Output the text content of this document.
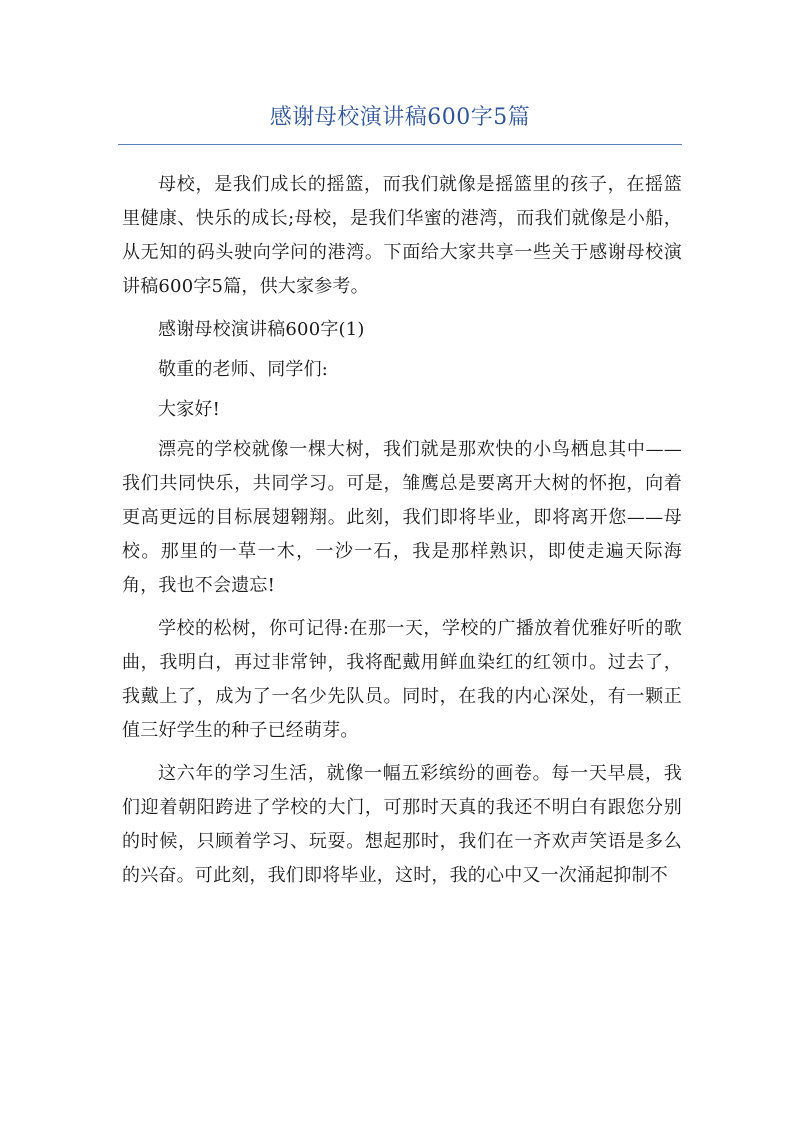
感谢母校演讲稿600字5篇

母校，是我们成长的摇篮，而我们就像是摇篮里的孩子，在摇篮里健康、快乐的成长;母校，是我们华蜜的港湾，而我们就像是小船，从无知的码头驶向学问的港湾。下面给大家共享一些关于感谢母校演讲稿600字5篇，供大家参考。

感谢母校演讲稿600字(1)

敬重的老师、同学们:

大家好!

漂亮的学校就像一棵大树，我们就是那欢快的小鸟栖息其中——我们共同快乐，共同学习。可是，雏鹰总是要离开大树的怀抱，向着更高更远的目标展翅翱翔。此刻，我们即将毕业，即将离开您——母校。那里的一草一木，一沙一石，我是那样熟识，即使走遍天际海角，我也不会遗忘!

学校的松树，你可记得:在那一天，学校的广播放着优雅好听的歌曲，我明白，再过非常钟，我将配戴用鲜血染红的红领巾。过去了，我戴上了，成为了一名少先队员。同时，在我的内心深处，有一颗正值三好学生的种子已经萌芽。

这六年的学习生活，就像一幅五彩缤纷的画卷。每一天早晨，我们迎着朝阳跨进了学校的大门，可那时天真的我还不明白有跟您分别的时候，只顾着学习、玩耍。想起那时，我们在一齐欢声笑语是多么的兴奋。可此刻，我们即将毕业，这时，我的心中又一次涌起抑制不
